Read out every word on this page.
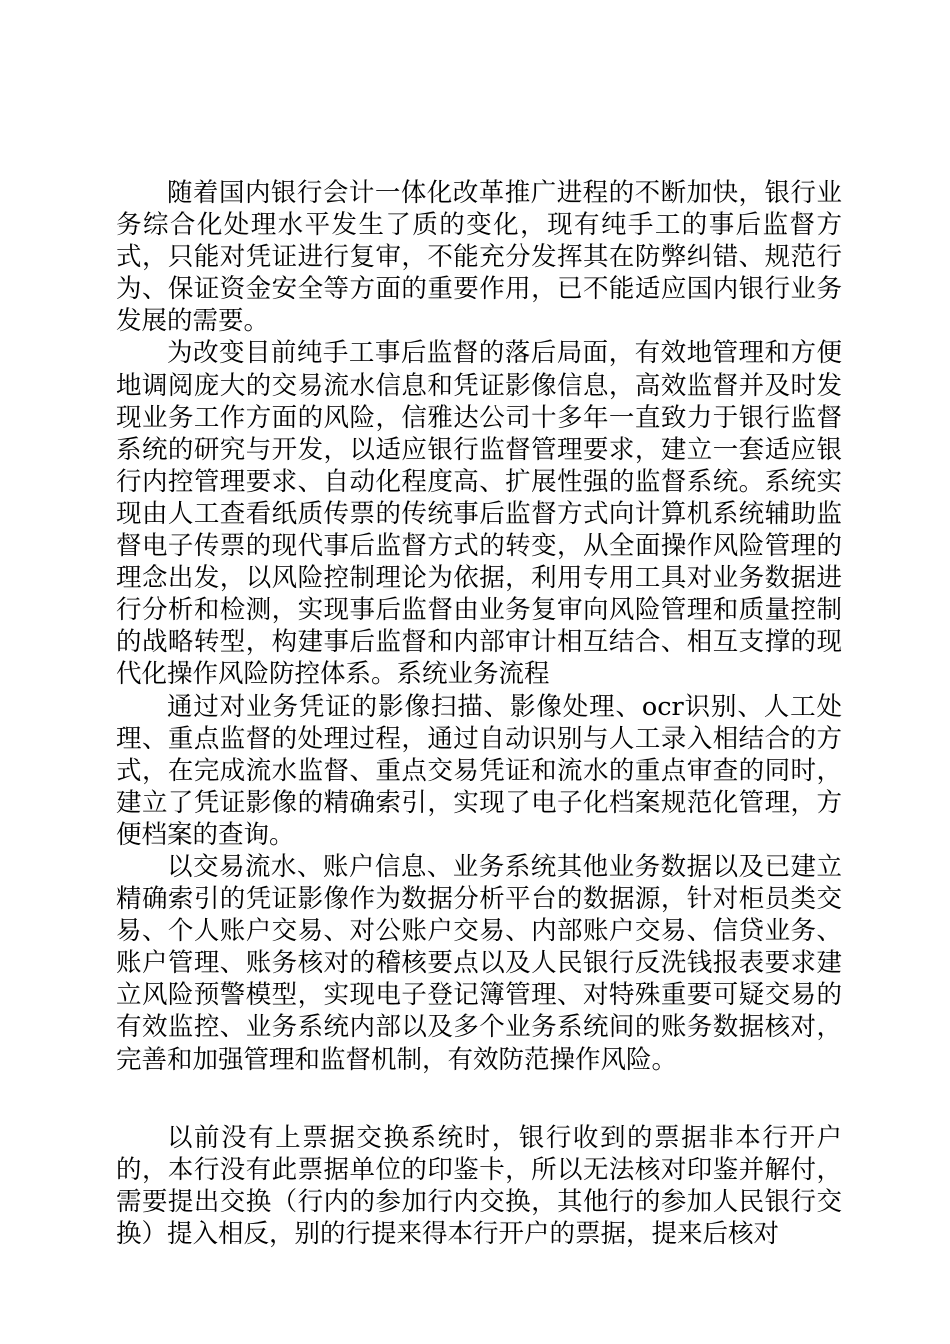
随着国内银行会计一体化改革推广进程的不断加快，银行业务综合化处理水平发生了质的变化，现有纯手工的事后监督方式，只能对凭证进行复审，不能充分发挥其在防弊纠错、规范行为、保证资金安全等方面的重要作用，已不能适应国内银行业务发展的需要。

为改变目前纯手工事后监督的落后局面，有效地管理和方便地调阅庞大的交易流水信息和凭证影像信息，高效监督并及时发现业务工作方面的风险，信雅达公司十多年一直致力于银行监督系统的研究与开发，以适应银行监督管理要求，建立一套适应银行内控管理要求、自动化程度高、扩展性强的监督系统。系统实现由人工查看纸质传票的传统事后监督方式向计算机系统辅助监督电子传票的现代事后监督方式的转变，从全面操作风险管理的理念出发，以风险控制理论为依据，利用专用工具对业务数据进行分析和检测，实现事后监督由业务复审向风险管理和质量控制的战略转型，构建事后监督和内部审计相互结合、相互支撑的现代化操作风险防控体系。系统业务流程

通过对业务凭证的影像扫描、影像处理、ocr识别、人工处理、重点监督的处理过程，通过自动识别与人工录入相结合的方式，在完成流水监督、重点交易凭证和流水的重点审查的同时，建立了凭证影像的精确索引，实现了电子化档案规范化管理，方便档案的查询。

以交易流水、账户信息、业务系统其他业务数据以及已建立精确索引的凭证影像作为数据分析平台的数据源，针对柜员类交易、个人账户交易、对公账户交易、内部账户交易、信贷业务、账户管理、账务核对的稽核要点以及人民银行反洗钱报表要求建立风险预警模型，实现电子登记簿管理、对特殊重要可疑交易的有效监控、业务系统内部以及多个业务系统间的账务数据核对，完善和加强管理和监督机制，有效防范操作风险。

以前没有上票据交换系统时，银行收到的票据非本行开户的，本行没有此票据单位的印鉴卡，所以无法核对印鉴并解付，需要提出交换（行内的参加行内交换，其他行的参加人民银行交换）提入相反，别的行提来得本行开户的票据，提来后核对
